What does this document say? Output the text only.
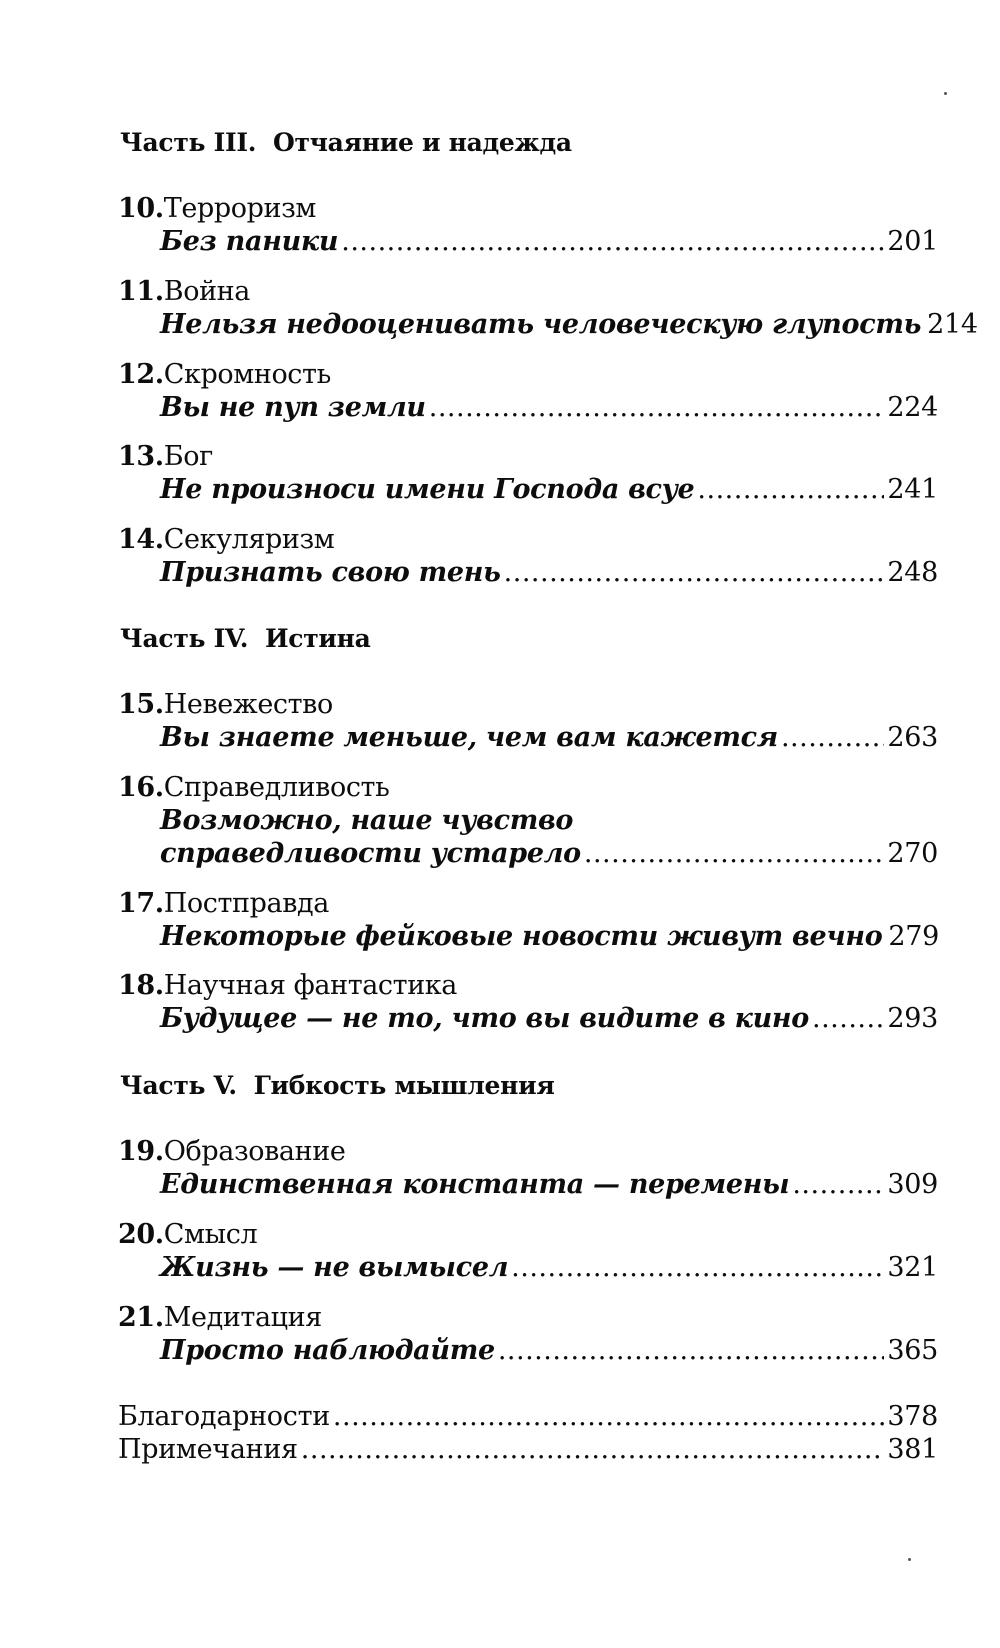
Часть III. Отчаяние и надежда
10.Терроризм
Без паники .....	201
11.Война
Нельзя недооценивать человеческую глупость 214
12.Скромность
Вы не пуп земли .....	224
13.Бог
Не произноси имени Господа всуе .....	241
14.Секуляризм
Признать свою тень .....	248
Часть IV. Истина
15.Невежество
Вы знаете меньше, чем вам кажется .....	263
16.Справедливость
Возможно, наше чувство
справедливости устарело .....	270
17.Постправда
Некоторые фейковые новости живут вечно 279
18.Научная фантастика
Будущее — не то, что вы видите в кино .....	293
Часть V. Гибкость мышления
19.Образование
Единственная константа — перемены .....	309
20.Смысл
Жизнь — не вымысел .....	321
21.Медитация
Просто наблюдайте .....	365
Благодарности .....	378
Примечания .....	381
